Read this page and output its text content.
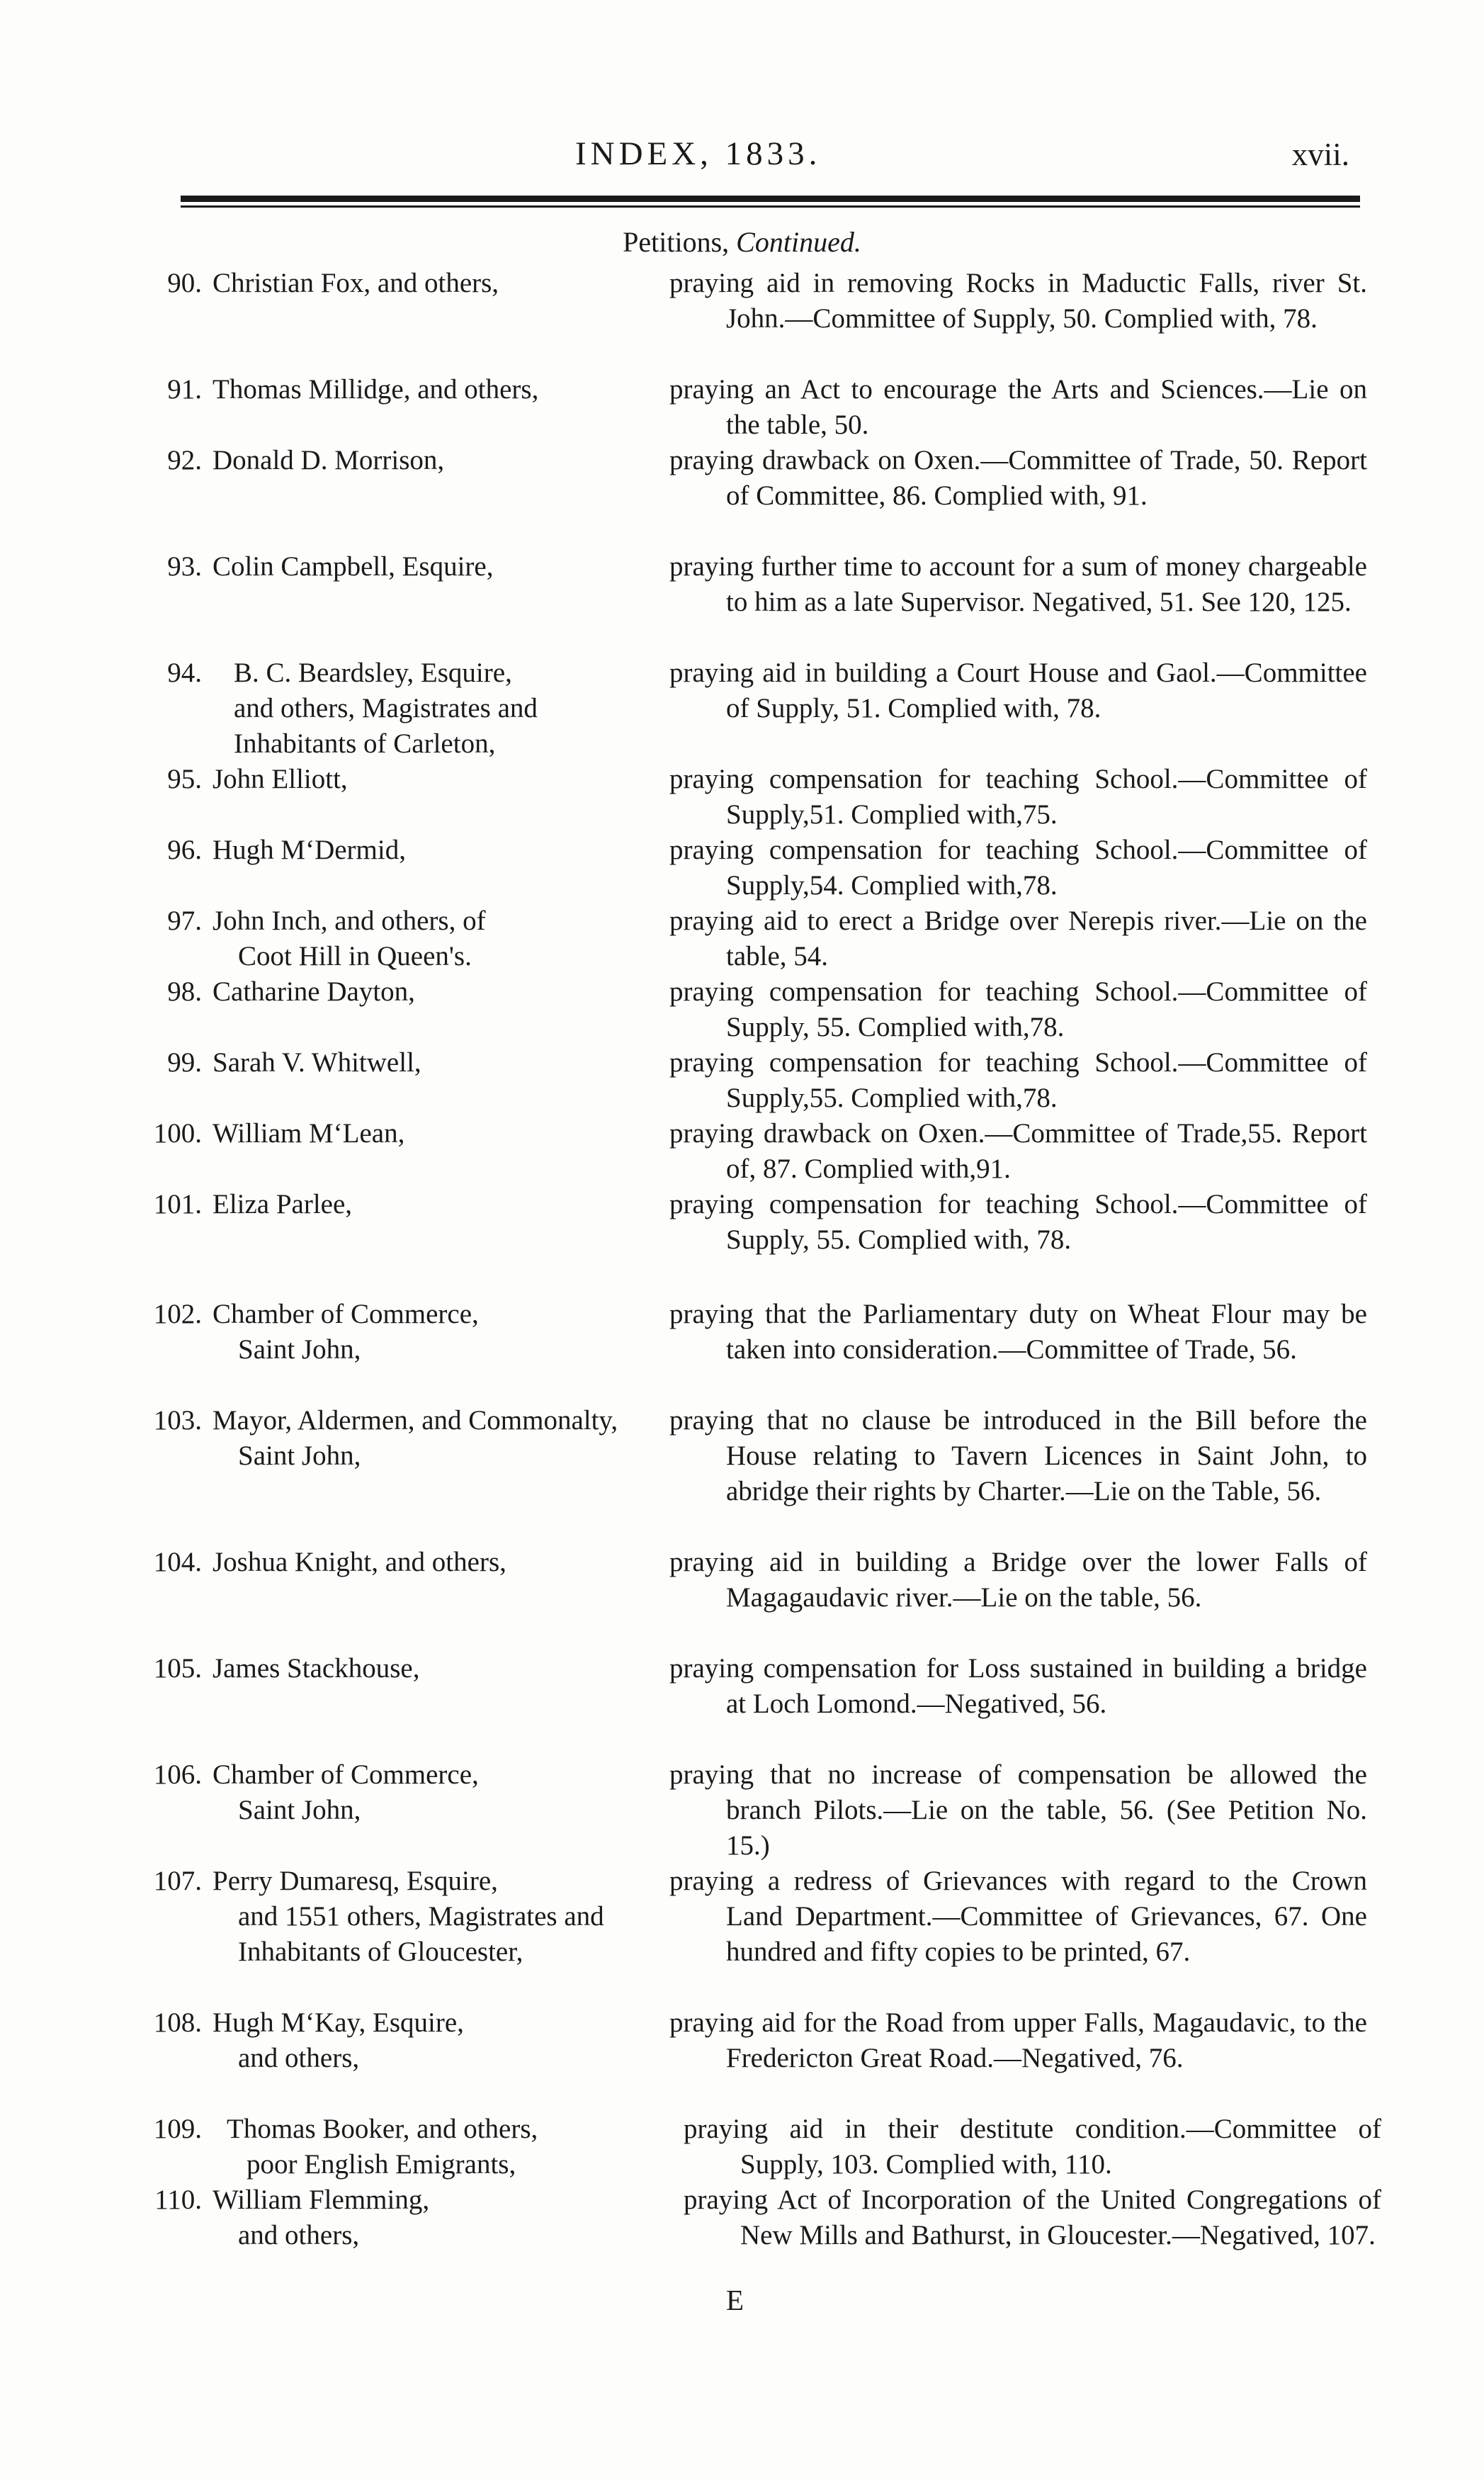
INDEX, 1833.	xvii.
Petitions, Continued.
90. Christian Fox, and others,	praying aid in removing Rocks in Maductic Falls, river St. John.—Committee of Supply, 50. Complied with, 78.
91. Thomas Millidge, and others,	praying an Act to encourage the Arts and Sciences.—Lie on the table, 50.
92. Donald D. Morrison,	praying drawback on Oxen.—Committee of Trade, 50. Report of Committee, 86. Complied with, 91.
93. Colin Campbell, Esquire,	praying further time to account for a sum of money chargeable to him as a late Supervisor. Negatived, 51. See 120, 125.
94.	B. C. Beardsley, Esquire,
and others, Magistrates and
Inhabitants of Carleton,
praying aid in building a Court House and Gaol.—Committee of Supply, 51. Complied with, 78.
95. John Elliott,	praying compensation for teaching School.—Committee of Supply,51. Complied with,75.
96. Hugh M‘Dermid,	praying compensation for teaching School.—Committee of Supply,54. Complied with,78.
97. John Inch, and others, of
Coot Hill in Queen's.
praying aid to erect a Bridge over Nerepis river.—Lie on the table, 54.
98. Catharine Dayton,	praying compensation for teaching School.—Committee of Supply, 55. Complied with,78.
99. Sarah V. Whitwell,	praying compensation for teaching School.—Committee of Supply,55. Complied with,78.
100. William M‘Lean,	praying drawback on Oxen.—Committee of Trade,55. Report of, 87. Complied with,91.
101. Eliza Parlee,	praying compensation for teaching School.—Committee of Supply, 55. Complied with, 78.
102. Chamber of Commerce,
Saint John,
praying that the Parliamentary duty on Wheat Flour may be taken into consideration.—Committee of Trade, 56.
103. Mayor, Aldermen, and Commonalty, Saint John,
praying that no clause be introduced in the Bill before the House relating to Tavern Licences in Saint John, to abridge their rights by Charter.—Lie on the Table, 56.
104. Joshua Knight, and others,	praying aid in building a Bridge over the lower Falls of Magagaudavic river.—Lie on the table, 56.
105. James Stackhouse,	praying compensation for Loss sustained in building a bridge at Loch Lomond.—Negatived, 56.
106. Chamber of Commerce,
Saint John,
praying that no increase of compensation be allowed the branch Pilots.—Lie on the table, 56. (See Petition No. 15.)
107. Perry Dumaresq, Esquire,
and 1551 others, Magistrates and Inhabitants of Gloucester,
praying a redress of Grievances with regard to the Crown Land Department.—Committee of Grievances, 67. One hundred and fifty copies to be printed, 67.
108. Hugh M‘Kay, Esquire,
and others,
praying aid for the Road from upper Falls, Magaudavic, to the Fredericton Great Road.—Negatived, 76.
109. Thomas Booker, and others,
poor English Emigrants,
praying aid in their destitute condition.—Committee of Supply, 103. Complied with, 110.
110. William Flemming,
and others,
praying Act of Incorporation of the United Congregations of New Mills and Bathurst, in Gloucester.—Negatived, 107.
E
